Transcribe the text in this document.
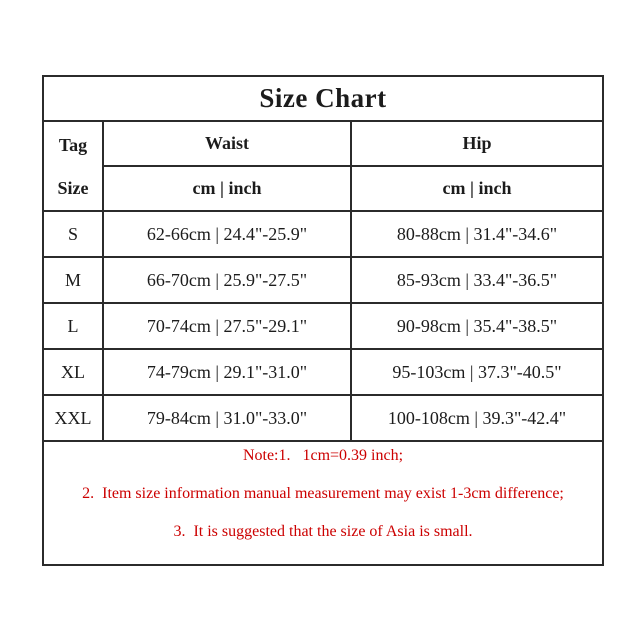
Size Chart		

Tag
Size	Waist	Hip
	cm | inch	cm | inch
S	62-66cm | 24.4"-25.9"	80-88cm | 31.4"-34.6"
M	66-70cm | 25.9"-27.5"	85-93cm | 33.4"-36.5"
L	70-74cm | 27.5"-29.1"	90-98cm | 35.4"-38.5"
XL	74-79cm | 29.1"-31.0"	95-103cm | 37.3"-40.5"
XXL	79-84cm | 31.0"-33.0"	100-108cm | 39.3"-42.4"

Note:1.   1cm=0.39 inch;

2.  Item size information manual measurement may exist 1-3cm difference;

3.  It is suggested that the size of Asia is small.		
